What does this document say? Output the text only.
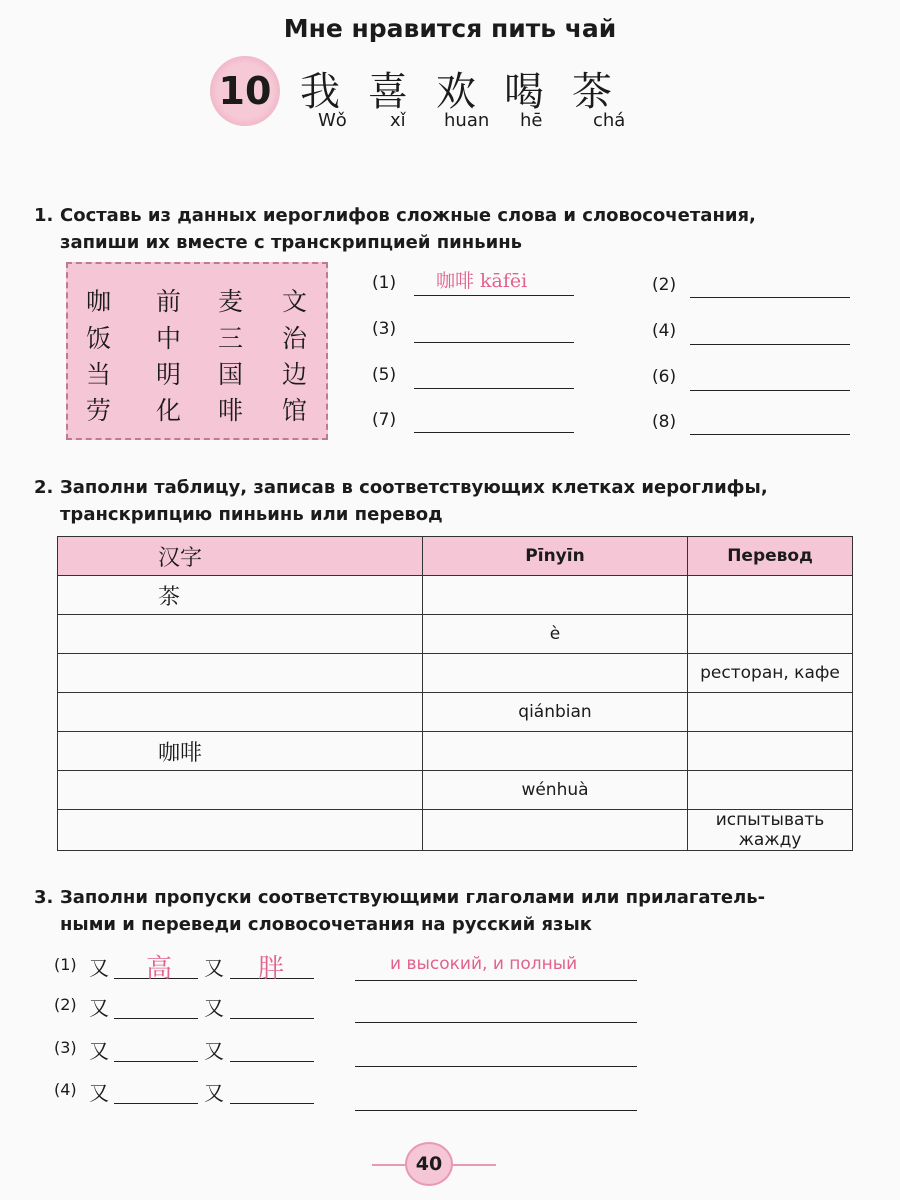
Мне нравится пить чай
10 我 喜 欢 喝 茶
Wǒ xǐ huan hē	chá
1. Составь из данных иероглифов сложные слова и словосочетания,
запиши их вместе с транскрипцией пиньинь
咖 前 麦 文
饭 中 三 治
当 明 国 边
劳 化 啡 馆
(1) 咖啡 kāfēi	(2)
(3)	(4)
(5)	(6)
(7)	(8)
2. Заполни таблицу, записав в соответствующих клетках иероглифы,
транскрипцию пиньинь или перевод
汉字	Pīnyīn	Перевод
茶		
	è	
		ресторан, кафе
	qiánbian	
咖啡		
	wénhuà	
		испытывать жажду
3. Заполни пропуски соответствующими глаголами или прилагатель-
ными и переведи словосочетания на русский язык
(1) 又 高 又 胖	и высокий, и полный
(2) 又	又
(3) 又	又
(4) 又	又
40
